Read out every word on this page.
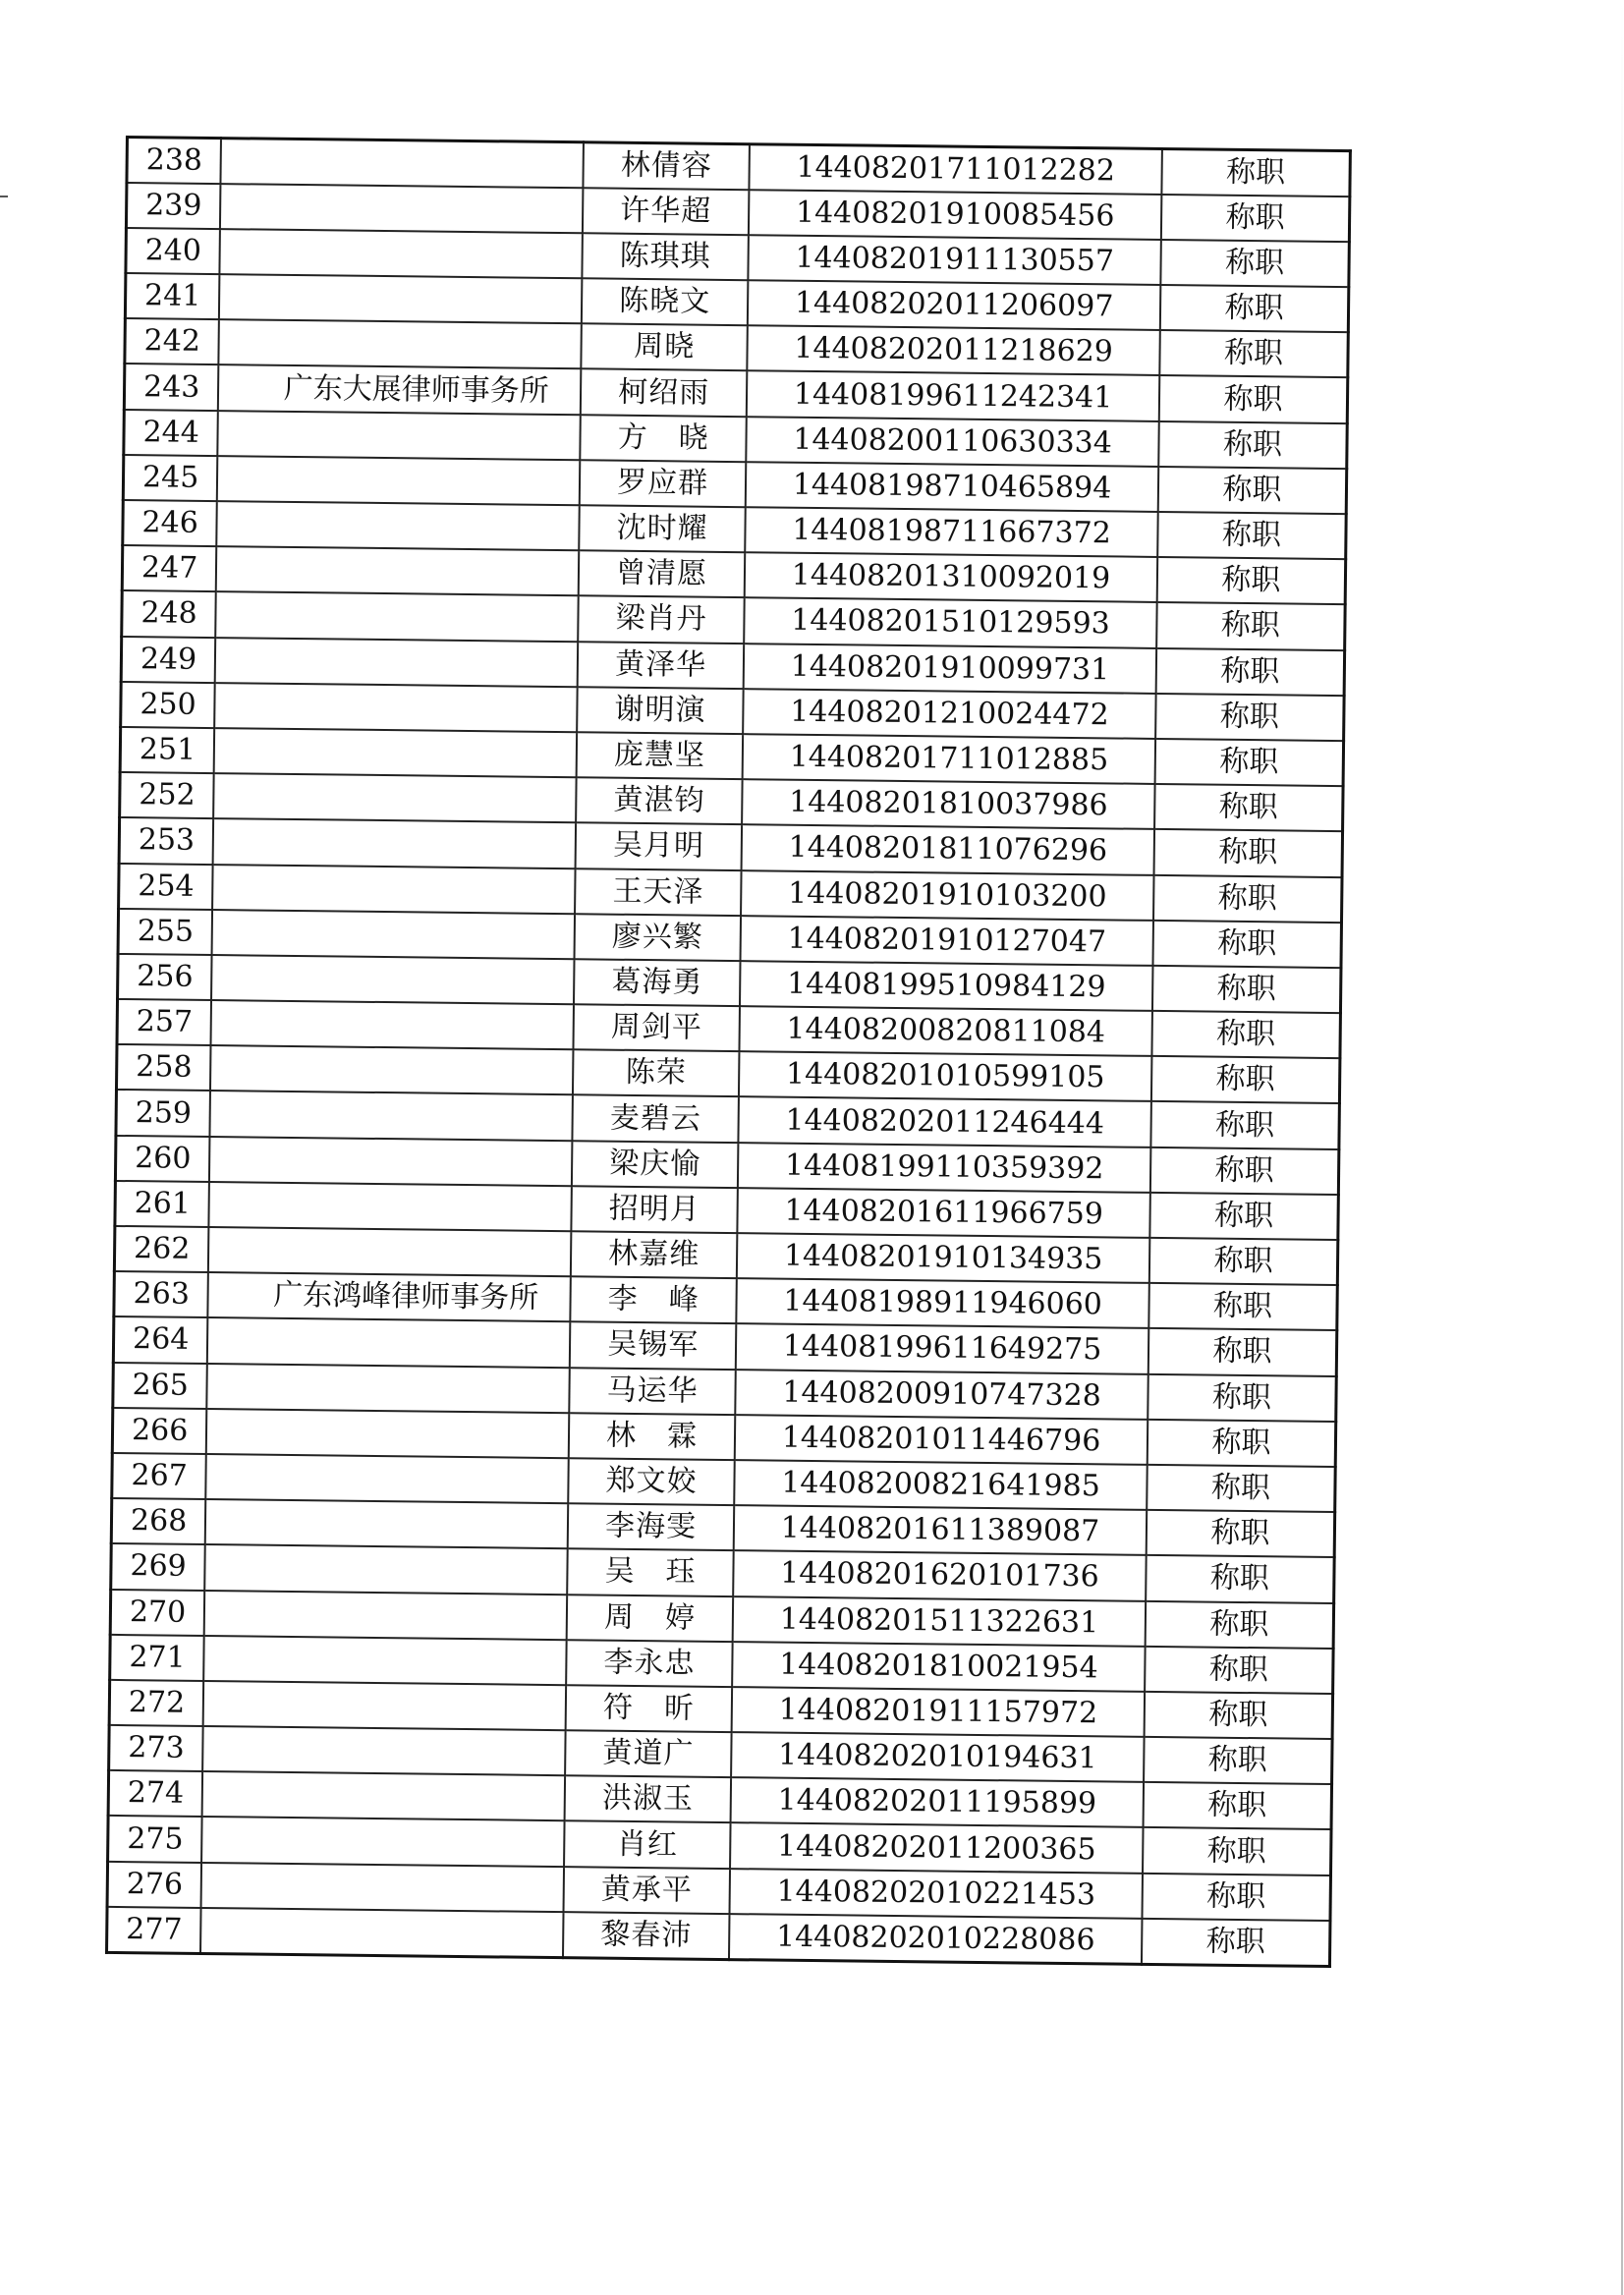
238		林倩容	14408201711012282	称职
239		许华超	14408201910085456	称职
240		陈琪琪	14408201911130557	称职
241		陈晓文	14408202011206097	称职
242		周晓	14408202011218629	称职
243	广东大展律师事务所	柯绍雨	14408199611242341	称职
244		方　晓	14408200110630334	称职
245		罗应群	14408198710465894	称职
246		沈时耀	14408198711667372	称职
247		曾清愿	14408201310092019	称职
248		梁肖丹	14408201510129593	称职
249		黄泽华	14408201910099731	称职
250		谢明演	14408201210024472	称职
251		庞慧坚	14408201711012885	称职
252		黄湛钧	14408201810037986	称职
253		吴月明	14408201811076296	称职
254		王天泽	14408201910103200	称职
255		廖兴繁	14408201910127047	称职
256		葛海勇	14408199510984129	称职
257		周剑平	14408200820811084	称职
258		陈荣	14408201010599105	称职
259		麦碧云	14408202011246444	称职
260		梁庆愉	14408199110359392	称职
261		招明月	14408201611966759	称职
262		林嘉维	14408201910134935	称职
263	广东鸿峰律师事务所	李　峰	14408198911946060	称职
264		吴锡军	14408199611649275	称职
265		马运华	14408200910747328	称职
266		林　霖	14408201011446796	称职
267		郑文姣	14408200821641985	称职
268		李海雯	14408201611389087	称职
269		吴　珏	14408201620101736	称职
270		周　婷	14408201511322631	称职
271		李永忠	14408201810021954	称职
272		符　昕	14408201911157972	称职
273		黄道广	14408202010194631	称职
274		洪淑玉	14408202011195899	称职
275		肖红	14408202011200365	称职
276		黄承平	14408202010221453	称职
277		黎春沛	14408202010228086	称职
